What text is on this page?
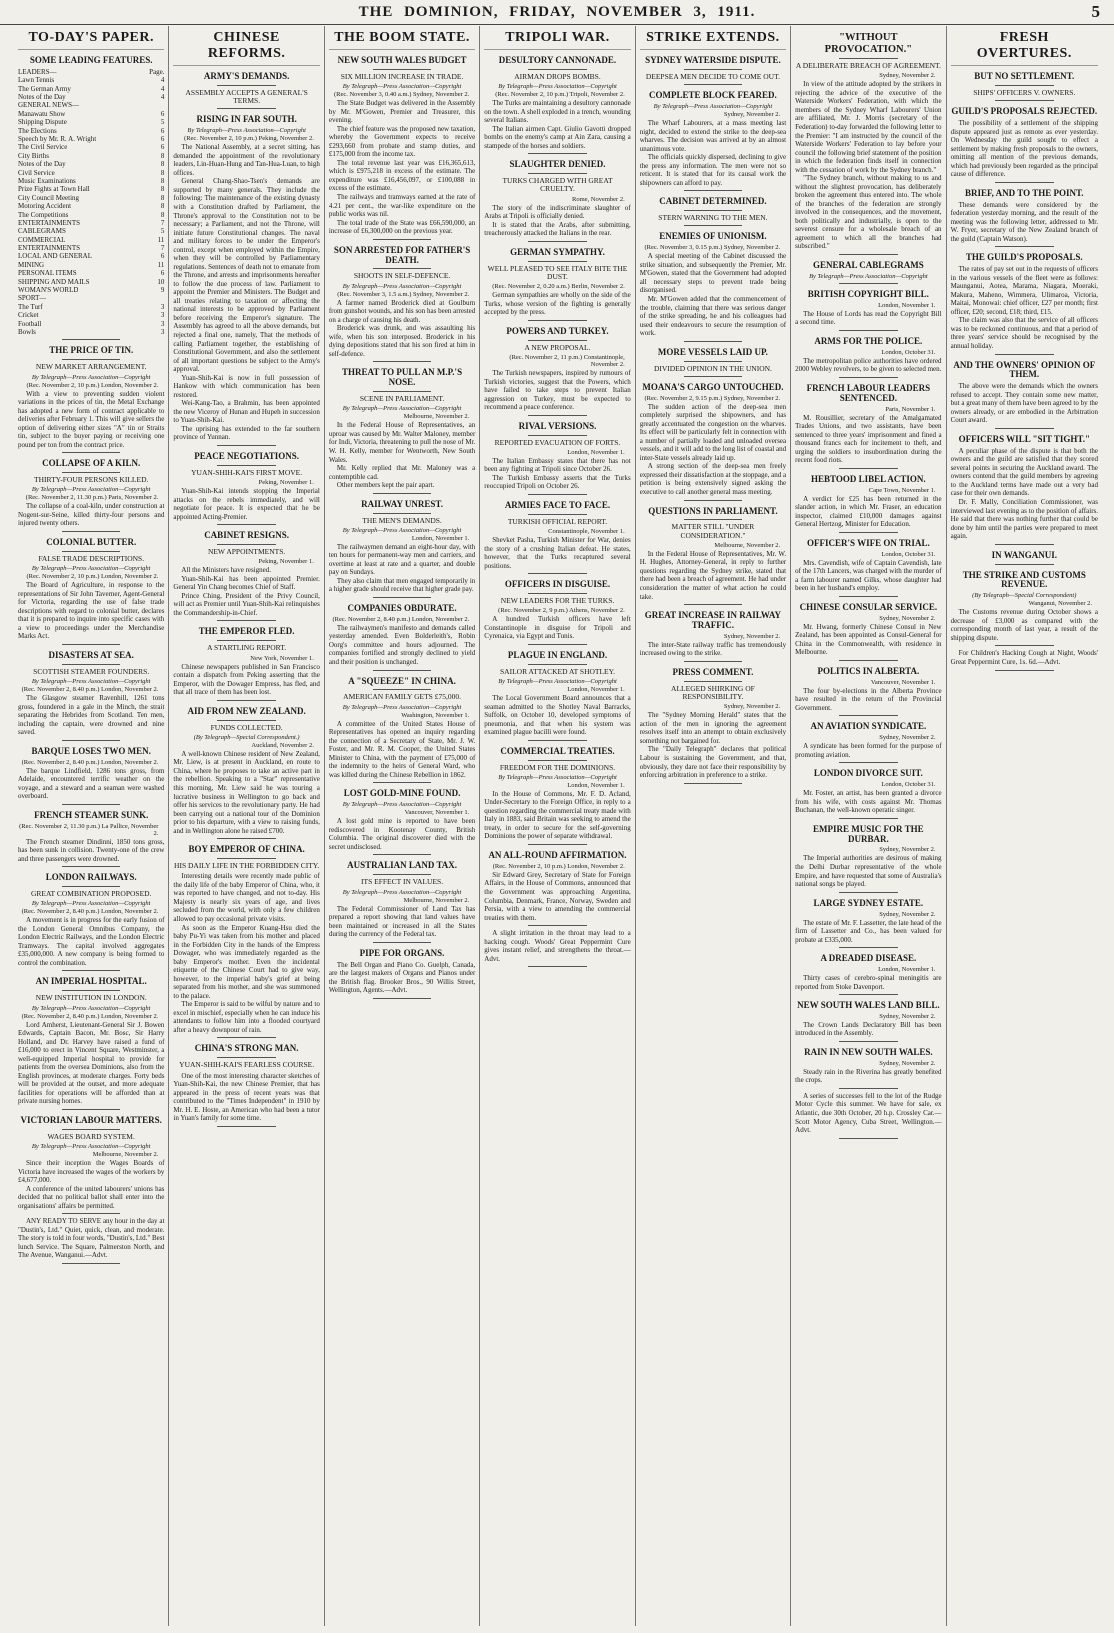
THE DOMINION, FRIDAY, NOVEMBER 3, 1911.	5
TO-DAY'S PAPER.
SOME LEADING FEATURES.
LEADERS—	Page.
Lawn Tennis	4
The German Army	4
Notes of the Day	4
GENERAL NEWS—
Manawatu Show	6
Shipping Dispute	5
The Elections	6
Speech by Mr. R. A. Wright	6
The Civil Service	6
City Births	8
Notes of the Day	8
Civil Service	8
Music Examinations	8
Prize Fights at Town Hall	8
City Council Meeting	8
Motoring Accident	8
The Competitions	8
ENTERTAINMENTS	7
CABLEGRAMS	5
COMMERCIAL	11
ENTERTAINMENTS	7
LOCAL AND GENERAL	6
MINING	11
PERSONAL ITEMS	6
SHIPPING AND MAILS	10
WOMAN'S WORLD	9
SPORT—
The Turf	3
Cricket	3
Football	3
Bowls	3
THE PRICE OF TIN.
NEW MARKET ARRANGEMENT.
By Telegraph—Press Association—Copyright
(Rec. November 2, 10 p.m.) London, November 2.

With a view to preventing sudden violent variations in the prices of tin, the Metal Exchange has adopted a new form of contract applicable to deliveries after February 1. This will give sellers the option of delivering either sizes "A" tin or Straits tin, subject to the buyer paying or receiving one pound per ton from the contract price.

COLLAPSE OF A KILN.
THIRTY-FOUR PERSONS KILLED.
By Telegraph—Press Association—Copyright
(Rec. November 2, 11.30 p.m.) Paris, November 2.

The collapse of a coal-kiln, under construction at Nogent-sur-Seine, killed thirty-four persons and injured twenty others.

COLONIAL BUTTER.
FALSE TRADE DESCRIPTIONS.
By Telegraph—Press Association—Copyright
(Rec. November 2, 10 p.m.) London, November 2.

The Board of Agriculture, in response to the representations of Sir John Taverner, Agent-General for Victoria, regarding the use of false trade descriptions with regard to colonial butter, declares that it is prepared to inquire into specific cases with a view to proceedings under the Merchandise Marks Act.

DISASTERS AT SEA.
SCOTTISH STEAMER FOUNDERS.
By Telegraph—Press Association—Copyright
(Rec. November 2, 8.40 p.m.) London, November 2.

The Glasgow steamer Ravenhill, 1261 tons gross, foundered in a gale in the Minch, the strait separating the Hebrides from Scotland. Ten men, including the captain, were drowned and nine saved.

BARQUE LOSES TWO MEN.
(Rec. November 2, 8.40 p.m.) London, November 2.

The barque Lindfield, 1286 tons gross, from Adelaide, encountered terrific weather on the voyage, and a steward and a seaman were washed overboard.

FRENCH STEAMER SUNK.
(Rec. November 2, 11.30 p.m.) La Pallice, November 2.

The French steamer Dindinni, 1850 tons gross, has been sunk in collision. Twenty-one of the crew and three passengers were drowned.

LONDON RAILWAYS.
GREAT COMBINATION PROPOSED.
By Telegraph—Press Association—Copyright
(Rec. November 2, 8.40 p.m.) London, November 2.

A movement is in progress for the early fusion of the London General Omnibus Company, the London Electric Railways, and the London Electric Tramways. The capital involved aggregates £35,000,000. A new company is being formed to control the combination.

AN IMPERIAL HOSPITAL.
NEW INSTITUTION IN LONDON.
By Telegraph—Press Association—Copyright
(Rec. November 2, 8.40 p.m.) London, November 2.

Lord Amherst, Lieutenant-General Sir J. Bowen Edwards, Captain Bacon, Mr. Bosc, Sir Harry Holland, and Dr. Harvey have raised a fund of £16,000 to erect in Vincent Square, Westminster, a well-equipped Imperial hospital to provide for patients from the oversea Dominions, also from the English provinces, at moderate charges. Forty beds will be provided at the outset, and more adequate facilities for operations will be afforded than at private nursing homes.

VICTORIAN LABOUR MATTERS.
WAGES BOARD SYSTEM.
By Telegraph—Press Association—Copyright
Melbourne, November 2.

Since their inception the Wages Boards of Victoria have increased the wages of the workers by £4,677,000.

A conference of the united labourers' unions has decided that no political ballot shall enter into the organisations' affairs be permitted.

ANY READY TO SERVE any hour in the day at "Dustin's, Ltd." Quiet, quick, clean, and moderate. The story is told in four words, "Dustin's, Ltd." Best lunch Service. The Square, Palmerston North, and The Avenue, Wanganui.—Advt.

CHINESE REFORMS.
ARMY'S DEMANDS.
ASSEMBLY ACCEPTS A GENERAL'S TERMS.
RISING IN FAR SOUTH.
By Telegraph—Press Association—Copyright
(Rec. November 2, 10 p.m.) Peking, November 2.

The National Assembly, at a secret sitting, has demanded the appointment of the revolutionary leaders, Lin-Huan-Hung and Tan-Hua-Luan, to high offices.

General Chang-Shao-Tsen's demands are supported by many generals. They include the following: The maintenance of the existing dynasty with a Constitution drafted by Parliament, the Throne's approval to the Constitution not to be necessary; a Parliament, and not the Throne, will initiate future Constitutional changes. The naval and military forces to be under the Emperor's control, except when employed within the Empire, when they will be controlled by Parliamentary regulations. Sentences of death not to emanate from the Throne, and arrests and imprisonments hereafter to follow the due process of law. Parliament to appoint the Premier and Ministers. The Budget and all treaties relating to taxation or affecting the national interests to be approved by Parliament before receiving the Emperor's signature. The Assembly has agreed to all the above demands, but rejected a final one, namely, That the methods of calling Parliament together, the establishing of Constitutional Government, and also the settlement of all important questions be subject to the Army's approval.

Yuan-Shih-Kai is now in full possession of Hankow with which communication has been restored.

Wei-Kang-Tao, a Brahmin, has been appointed the new Viceroy of Hunan and Hupeh in succession to Yuan-Shih-Kai.

The uprising has extended to the far southern province of Yunnan.

PEACE NEGOTIATIONS.
YUAN-SHIH-KAI'S FIRST MOVE.
Peking, November 1.

Yuan-Shih-Kai intends stopping the Imperial attacks on the rebels immediately, and will negotiate for peace. It is expected that he be appointed Acting-Premier.

CABINET RESIGNS.
NEW APPOINTMENTS.
Peking, November 1.

All the Ministers have resigned.

Yuan-Shih-Kai has been appointed Premier. General Yin Chang becomes Chief of Staff.

Prince Ching, President of the Privy Council, will act as Premier until Yuan-Shih-Kai relinquishes the Commandership-in-Chief.

THE EMPEROR FLED.
A STARTLING REPORT.
New York, November 1.

Chinese newspapers published in San Francisco contain a dispatch from Peking asserting that the Emperor, with the Dowager Empress, has fled, and that all trace of them has been lost.

AID FROM NEW ZEALAND.
FUNDS COLLECTED.
(By Telegraph—Special Correspondent.)
Auckland, November 2.

A well-known Chinese resident of New Zealand, Mr. Liew, is at present in Auckland, en route to China, where he proposes to take an active part in the rebellion. Speaking to a "Star" representative this morning, Mr. Liew said he was touring a lucrative business in Wellington to go back and offer his services to the revolutionary party. He had been carrying out a national tour of the Dominion prior to his departure, with a view to raising funds, and in Wellington alone he raised £700.

BOY EMPEROR OF CHINA.
HIS DAILY LIFE IN THE FORBIDDEN CITY.

Interesting details were recently made public of the daily life of the baby Emperor of China, who, it was reported to have changed, and not to-day. His Majesty is nearly six years of age, and lives secluded from the world, with only a few children allowed to pay occasional private visits.

As soon as the Emperor Kuang-Hsu died the baby Pu-Yi was taken from his mother and placed in the Forbidden City in the hands of the Empress Dowager, who was immediately regarded as the baby Emperor's mother. Even the incidental etiquette of the Chinese Court had to give way, however, to the imperial baby's grief at being separated from his mother, and she was summoned to the palace.

The Emperor is said to be wilful by nature and to excel in mischief, especially when he can induce his attendants to follow him into a flooded courtyard after a heavy downpour of rain.

CHINA'S STRONG MAN.
YUAN-SHIH-KAI'S FEARLESS COURSE.

One of the most interesting character sketches of Yuan-Shih-Kai, the new Chinese Premier, that has appeared in the press of recent years was that contributed to the "Times Independent" in 1910 by Mr. H. E. Hoste, an American who had been a tutor in Yuan's family for some time.

THE BOOM STATE.
NEW SOUTH WALES BUDGET
SIX MILLION INCREASE IN TRADE.
By Telegraph—Press Association—Copyright
(Rec. November 3, 0.40 a.m.) Sydney, November 2.

The State Budget was delivered in the Assembly by Mr. M'Gowen, Premier and Treasurer, this evening.

The chief feature was the proposed new taxation, whereby the Government expects to receive £293,660 from probate and stamp duties, and £175,000 from the income tax.

The total revenue last year was £16,365,613, which is £975,218 in excess of the estimate. The expenditure was £16,456,097, or £100,088 in excess of the estimate.

The railways and tramways earned at the rate of 4.21 per cent., the war-like expenditure on the public works was nil.

The total trade of the State was £66,590,000, an increase of £6,300,000 on the previous year.

SON ARRESTED FOR FATHER'S DEATH.
SHOOTS IN SELF-DEFENCE.
By Telegraph—Press Association—Copyright
(Rec. November 3, 1.5 a.m.) Sydney, November 2.

A farmer named Broderick died at Goulburn from gunshot wounds, and his son has been arrested on a charge of causing his death.

Broderick was drunk, and was assaulting his wife, when his son interposed. Broderick in his dying depositions stated that his son fired at him in self-defence.

THREAT TO PULL AN M.P.'S NOSE.
SCENE IN PARLIAMENT.
By Telegraph—Press Association—Copyright
Melbourne, November 2.

In the Federal House of Representatives, an uproar was caused by Mr. Walter Maloney, member for Indi, Victoria, threatening to pull the nose of Mr. W. H. Kelly, member for Wentworth, New South Wales.

Mr. Kelly replied that Mr. Maloney was a contemptible cad.

Other members kept the pair apart.

RAILWAY UNREST.
THE MEN'S DEMANDS.
By Telegraph—Press Association—Copyright
London, November 1.

The railwaymen demand an eight-hour day, with ten hours for permanent-way men and carriers, and overtime at least at rate and a quarter, and double pay on Sundays.

They also claim that men engaged temporarily in a higher grade should receive that higher grade pay.

COMPANIES OBDURATE.
(Rec. November 2, 8.40 p.m.) London, November 2.

The railwaymen's manifesto and demands called yesterday amended. Even Bolderleith's, Robin Oorg's committee and hours adjourned. The companies fortified and strongly declined to yield and their position is unchanged.

A "SQUEEZE" IN CHINA.
AMERICAN FAMILY GETS £75,000.
By Telegraph—Press Association—Copyright
Washington, November 1.

A committee of the United States House of Representatives has opened an inquiry regarding the connection of a Secretary of State, Mr. J. W. Foster, and Mr. R. M. Cooper, the United States Minister to China, with the payment of £75,000 of the indemnity to the heirs of General Ward, who was killed during the Chinese Rebellion in 1862.

LOST GOLD-MINE FOUND.
By Telegraph—Press Association—Copyright
Vancouver, November 1.

A lost gold mine is reported to have been rediscovered in Kootenay County, British Columbia. The original discoverer died with the secret undisclosed.

AUSTRALIAN LAND TAX.
ITS EFFECT IN VALUES.
By Telegraph—Press Association—Copyright
Melbourne, November 2.

The Federal Commissioner of Land Tax has prepared a report showing that land values have been maintained or increased in all the States during the currency of the Federal tax.

PIPE FOR ORGANS.

The Bell Organ and Piano Co. Guelph, Canada, are the largest makers of Organs and Pianos under the British flag. Brooker Bros., 90 Willis Street, Wellington, Agents.—Advt.

TRIPOLI WAR.
DESULTORY CANNONADE.
AIRMAN DROPS BOMBS.
By Telegraph—Press Association—Copyright
(Rec. November 2, 10 p.m.) Tripoli, November 2.

The Turks are maintaining a desultory cannonade on the town. A shell exploded in a trench, wounding several Italians.

The Italian airmen Capt. Giulio Gavotti dropped bombs on the enemy's camp at Ain Zara, causing a stampede of the horses and soldiers.

SLAUGHTER DENIED.
TURKS CHARGED WITH GREAT CRUELTY.
Rome, November 2.

The story of the indiscriminate slaughter of Arabs at Tripoli is officially denied.

It is stated that the Arabs, after submitting, treacherously attacked the Italians in the rear.

GERMAN SYMPATHY.
WELL PLEASED TO SEE ITALY BITE THE DUST.
(Rec. November 2, 0.20 a.m.) Berlin, November 2.

German sympathies are wholly on the side of the Turks, whose version of the fighting is generally accepted by the press.

POWERS AND TURKEY.
A NEW PROPOSAL.
(Rec. November 2, 11 p.m.) Constantinople, November 2.

The Turkish newspapers, inspired by rumours of Turkish victories, suggest that the Powers, which have failed to take steps to prevent Italian aggression on Turkey, must be expected to recommend a peace conference.

RIVAL VERSIONS.
REPORTED EVACUATION OF FORTS.
London, November 1.

The Italian Embassy states that there has not been any fighting at Tripoli since October 26.

The Turkish Embassy asserts that the Turks reoccupied Tripoli on October 26.

ARMIES FACE TO FACE.
TURKISH OFFICIAL REPORT.
Constantinople, November 1.

Shevket Pasha, Turkish Minister for War, denies the story of a crushing Italian defeat. He states, however, that the Turks recaptured several positions.

OFFICERS IN DISGUISE.
NEW LEADERS FOR THE TURKS.
(Rec. November 2, 9 p.m.) Athens, November 2.

A hundred Turkish officers have left Constantinople in disguise for Tripoli and Cyrenaica, via Egypt and Tunis.

PLAGUE IN ENGLAND.
SAILOR ATTACKED AT SHOTLEY.
By Telegraph—Press Association—Copyright
London, November 1.

The Local Government Board announces that a seaman admitted to the Shotley Naval Barracks, Suffolk, on October 10, developed symptoms of pneumonia, and that when his system was examined plague bacilli were found.

COMMERCIAL TREATIES.
FREEDOM FOR THE DOMINIONS.
By Telegraph—Press Association—Copyright
London, November 1.

In the House of Commons, Mr. F. D. Acland, Under-Secretary to the Foreign Office, in reply to a question regarding the commercial treaty made with Italy in 1883, said Britain was seeking to amend the treaty, in order to secure for the self-governing Dominions the power of separate withdrawal.

AN ALL-ROUND AFFIRMATION.
(Rec. November 2, 10 p.m.) London, November 2.

Sir Edward Grey, Secretary of State for Foreign Affairs, in the House of Commons, announced that the Government was approaching Argentina, Columbia, Denmark, France, Norway, Sweden and Persia, with a view to amending the commercial treaties with them.

A slight irritation in the throat may lead to a hacking cough. Woods' Great Peppermint Cure gives instant relief, and strengthens the throat.—Advt.

STRIKE EXTENDS.
SYDNEY WATERSIDE DISPUTE.
DEEPSEA MEN DECIDE TO COME OUT.
COMPLETE BLOCK FEARED.
By Telegraph—Press Association—Copyright
Sydney, November 2.

The Wharf Labourers, at a mass meeting last night, decided to extend the strike to the deep-sea wharves. The decision was arrived at by an almost unanimous vote.

The officials quickly dispersed, declining to give the press any information. The men were not so reticent. It is stated that for its causal work the shipowners can afford to pay.

CABINET DETERMINED.
STERN WARNING TO THE MEN.
ENEMIES OF UNIONISM.
(Rec. November 3, 0.15 p.m.) Sydney, November 2.

A special meeting of the Cabinet discussed the strike situation, and subsequently the Premier, Mr. M'Gowen, stated that the Government had adopted all necessary steps to prevent trade being disorganised.

Mr. M'Gowen added that the commencement of the trouble, claiming that there was serious danger of the strike spreading, he and his colleagues had used their endeavours to secure the resumption of work.

MORE VESSELS LAID UP.
DIVIDED OPINION IN THE UNION.
MOANA'S CARGO UNTOUCHED.
(Rec. November 2, 9.15 p.m.) Sydney, November 2.

The sudden action of the deep-sea men completely surprised the shipowners, and has greatly accentuated the congestion on the wharves. Its effect will be particularly felt in connection with a number of partially loaded and unloaded oversea vessels, and it will add to the long list of coastal and inter-State vessels already laid up.

A strong section of the deep-sea men freely expressed their dissatisfaction at the stoppage, and a petition is being extensively signed asking the executive to call another general mass meeting.

QUESTIONS IN PARLIAMENT.
MATTER STILL "UNDER CONSIDERATION."
Melbourne, November 2.

In the Federal House of Representatives, Mr. W. H. Hughes, Attorney-General, in reply to further questions regarding the Sydney strike, stated that there had been a breach of agreement. He had under consideration the matter of what action he could take.

GREAT INCREASE IN RAILWAY TRAFFIC.
Sydney, November 2.

The inter-State railway traffic has tremendously increased owing to the strike.

PRESS COMMENT.
ALLEGED SHIRKING OF RESPONSIBILITY.
Sydney, November 2.

The "Sydney Morning Herald" states that the action of the men in ignoring the agreement resolves itself into an attempt to obtain exclusively something not bargained for.

The "Daily Telegraph" declares that political Labour is sustaining the Government, and that, obviously, they dare not face their responsibility by enforcing arbitration in preference to a strike.

"WITHOUT PROVOCATION."
A DELIBERATE BREACH OF AGREEMENT.
Sydney, November 2.

In view of the attitude adopted by the strikers in rejecting the advice of the executive of the Waterside Workers' Federation, with which the members of the Sydney Wharf Labourers' Union are affiliated, Mr. J. Morris (secretary of the Federation) to-day forwarded the following letter to the Premier: "I am instructed by the council of the Waterside Workers' Federation to lay before your council the following brief statement of the position in which the federation finds itself in connection with the cessation of work by the Sydney branch."

"The Sydney branch, without making to us and without the slightest provocation, has deliberately broken the agreement thus entered into. The whole of the branches of the federation are strongly involved in the consequences, and the movement, both politically and industrially, is open to the severest censure for a wholesale breach of an agreement to which all the branches had subscribed."

GENERAL CABLEGRAMS
By Telegraph—Press Association—Copyright
BRITISH COPYRIGHT BILL.
London, November 1.

The House of Lords has read the Copyright Bill a second time.

ARMS FOR THE POLICE.
London, October 31.

The metropolitan police authorities have ordered 2000 Webley revolvers, to be given to selected men.

FRENCH LABOUR LEADERS SENTENCED.
Paris, November 1.

M. Rousillier, secretary of the Amalgamated Trades Unions, and two assistants, have been sentenced to three years' imprisonment and fined a thousand francs each for incitement to theft, and urging the soldiers to insubordination during the recent food riots.

HEBTOOD LIBEL ACTION.
Cape Town, November 1.

A verdict for £25 has been returned in the slander action, in which Mr. Fraser, an education inspector, claimed £10,000 damages against General Hertzog, Minister for Education.

OFFICER'S WIFE ON TRIAL.
London, October 31.

Mrs. Cavendish, wife of Captain Cavendish, late of the 17th Lancers, was charged with the murder of a farm labourer named Gilks, whose daughter had been in her husband's employ.

CHINESE CONSULAR SERVICE.
Sydney, November 2.

Mr. Hwang, formerly Chinese Consul in New Zealand, has been appointed as Consul-General for China in the Commonwealth, with residence in Melbourne.

POLITICS IN ALBERTA.
Vancouver, November 1.

The four by-elections in the Alberta Province have resulted in the return of the Provincial Government.

AN AVIATION SYNDICATE.
Sydney, November 2.

A syndicate has been formed for the purpose of promoting aviation.

LONDON DIVORCE SUIT.
London, October 31.

Mr. Foster, an artist, has been granted a divorce from his wife, with costs against Mr. Thomas Buchanan, the well-known operatic singer.

EMPIRE MUSIC FOR THE DURBAR.
Sydney, November 2.

The Imperial authorities are desirous of making the Delhi Durbar representative of the whole Empire, and have requested that some of Australia's national songs be played.

LARGE SYDNEY ESTATE.
Sydney, November 2.

The estate of Mr. F. Lassetter, the late head of the firm of Lassetter and Co., has been valued for probate at £335,000.

A DREADED DISEASE.
London, November 1.

Thirty cases of cerebro-spinal meningitis are reported from Stoke Davenport.

NEW SOUTH WALES LAND BILL.
Sydney, November 2.

The Crown Lands Declaratory Bill has been introduced in the Assembly.

RAIN IN NEW SOUTH WALES.
Sydney, November 2.

Steady rain in the Riverina has greatly benefited the crops.

A series of successes fell to the lot of the Rudge Motor Cycle this summer. We have for sale, ex Atlantic, due 30th October, 20 h.p. Crossley Car.—Scott Motor Agency, Cuba Street, Wellington.—Advt.

FRESH OVERTURES.
BUT NO SETTLEMENT.
SHIPS' OFFICERS V. OWNERS.
GUILD'S PROPOSALS REJECTED.

The possibility of a settlement of the shipping dispute appeared just as remote as ever yesterday. On Wednesday the guild sought to effect a settlement by making fresh proposals to the owners, omitting all mention of the previous demands, which had previously been regarded as the principal cause of difference.

BRIEF, AND TO THE POINT.

These demands were considered by the federation yesterday morning, and the result of the meeting was the following letter, addressed to Mr. W. Fryer, secretary of the New Zealand branch of the guild (Captain Watson).

THE GUILD'S PROPOSALS.

The rates of pay set out in the requests of officers in the various vessels of the fleet were as follows: Maunganui, Aotea, Marama, Niagara, Moeraki, Makura, Maheno, Wimmera, Ulimaroa, Victoria, Maitai, Monowai: chief officer, £27 per month; first officer, £20; second, £18; third, £15.

The claim was also that the service of all officers was to be reckoned continuous, and that a period of three years' service should be recognised by the annual holiday.

AND THE OWNERS' OPINION OF THEM.

The above were the demands which the owners refused to accept. They contain some new matter, but a great many of them have been agreed to by the owners already, or are embodied in the Arbitration Court award.

OFFICERS WILL "SIT TIGHT."

A peculiar phase of the dispute is that both the owners and the guild are satisfied that they scored several points in securing the Auckland award. The owners contend that the guild members by agreeing to the Auckland terms have made out a very bad case for their own demands.

Dr. F. Mally, Conciliation Commissioner, was interviewed last evening as to the position of affairs. He said that there was nothing further that could be done by him until the parties were prepared to meet again.

IN WANGANUI.
THE STRIKE AND CUSTOMS REVENUE.
(By Telegraph—Special Correspondent)
Wanganui, November 2.

The Customs revenue during October shows a decrease of £3,000 as compared with the corresponding month of last year, a result of the shipping dispute.

For Children's Hacking Cough at Night, Woods' Great Peppermint Cure, 1s. 6d.—Advt.
